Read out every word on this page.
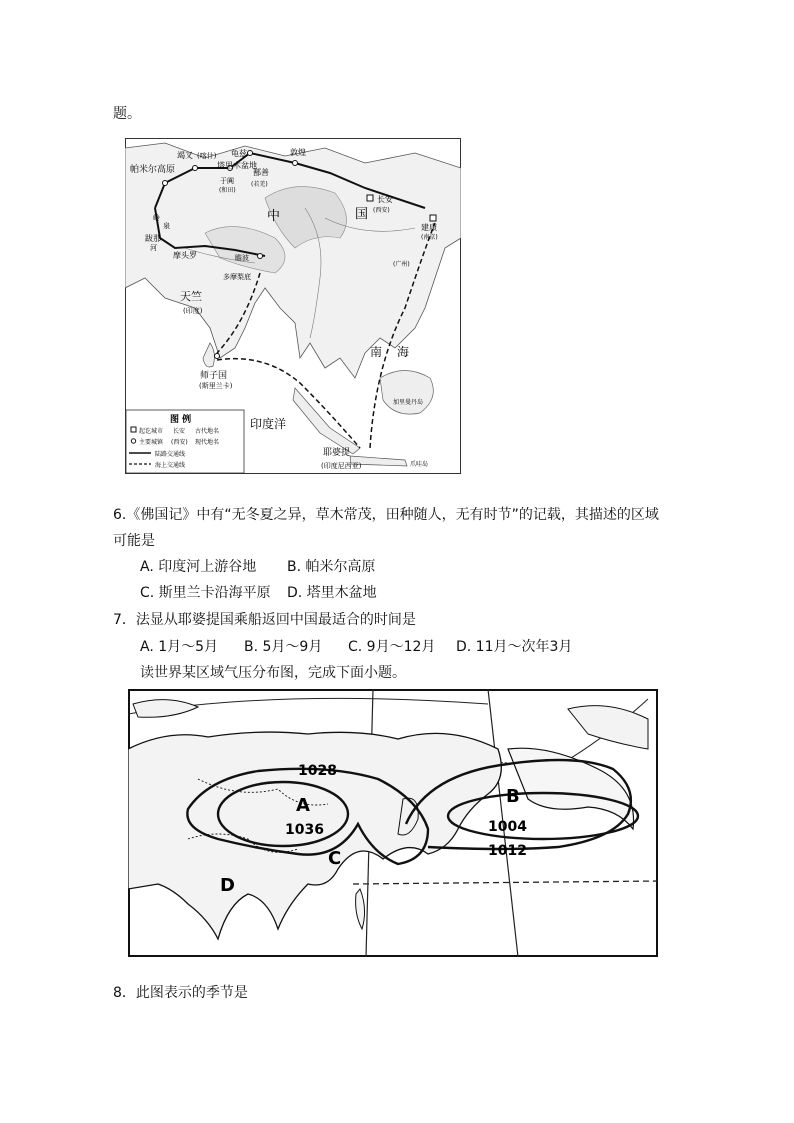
题。
帕米尔高原
竭叉 (喀什) 龟兹
塔里木盆地
于阗
(和田)
鄯善
(若羌)
敦煌
长安
(西安)
建康
(南京)
(广州)
中	国
岭
泉
跋那
河
摩头罗	瞻波
多摩梨底
天竺
(印度)
师子国
(斯里兰卡)
南 海
加里曼丹岛
印度洋
耶婆提
(印度尼西亚)	爪哇岛
图 例
起讫城市 长安 古代地名
主要城镇 (西安) 现代地名
陆路交通线
海上交通线
6.《佛国记》中有“无冬夏之异，草木常茂，田种随人，无有时节”的记载，其描述的区域
可能是
A. 印度河上游谷地 B. 帕米尔高原
C. 斯里兰卡沿海平原 D. 塔里木盆地
7．法显从耶婆提国乘船返回中国最适合的时间是
A. 1月～5月 B. 5月～9月 C. 9月～12月 D. 11月～次年3月
读世界某区域气压分布图，完成下面小题。
1028
1036	1004
1012
A	B
C
D
8．此图表示的季节是
